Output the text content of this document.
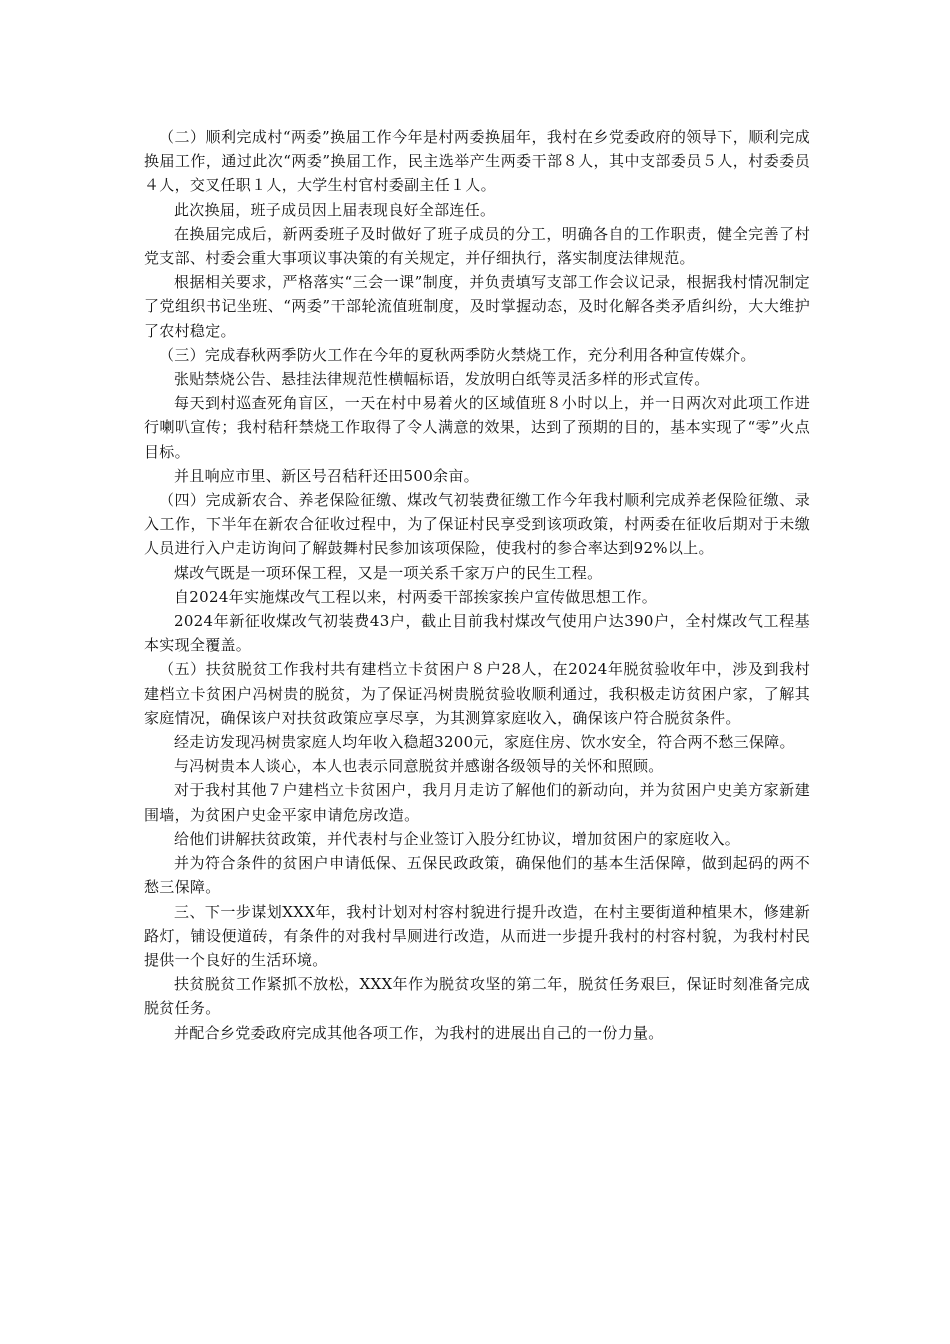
（二）顺利完成村“两委”换届工作今年是村两委换届年，我村在乡党委政府的领导下，顺利完成换届工作，通过此次“两委”换届工作，民主选举产生两委干部８人，其中支部委员５人，村委委员４人，交叉任职１人，大学生村官村委副主任１人。

此次换届，班子成员因上届表现良好全部连任。

在换届完成后，新两委班子及时做好了班子成员的分工，明确各自的工作职责，健全完善了村党支部、村委会重大事项议事决策的有关规定，并仔细执行，落实制度法律规范。

根据相关要求，严格落实“三会一课”制度，并负责填写支部工作会议记录，根据我村情况制定了党组织书记坐班、“两委”干部轮流值班制度，及时掌握动态，及时化解各类矛盾纠纷，大大维护了农村稳定。

（三）完成春秋两季防火工作在今年的夏秋两季防火禁烧工作，充分利用各种宣传媒介。

张贴禁烧公告、悬挂法律规范性横幅标语，发放明白纸等灵活多样的形式宣传。

每天到村巡查死角盲区，一天在村中易着火的区域值班８小时以上，并一日两次对此项工作进行喇叭宣传；我村秸秆禁烧工作取得了令人满意的效果，达到了预期的目的，基本实现了“零”火点目标。

并且响应市里、新区号召秸秆还田500余亩。

（四）完成新农合、养老保险征缴、煤改气初装费征缴工作今年我村顺利完成养老保险征缴、录入工作，下半年在新农合征收过程中，为了保证村民享受到该项政策，村两委在征收后期对于未缴人员进行入户走访询问了解鼓舞村民参加该项保险，使我村的参合率达到92%以上。

煤改气既是一项环保工程，又是一项关系千家万户的民生工程。

自2024年实施煤改气工程以来，村两委干部挨家挨户宣传做思想工作。

2024年新征收煤改气初装费43户，截止目前我村煤改气使用户达390户，全村煤改气工程基本实现全覆盖。

（五）扶贫脱贫工作我村共有建档立卡贫困户８户28人，在2024年脱贫验收年中，涉及到我村建档立卡贫困户冯树贵的脱贫，为了保证冯树贵脱贫验收顺利通过，我积极走访贫困户家，了解其家庭情况，确保该户对扶贫政策应享尽享，为其测算家庭收入，确保该户符合脱贫条件。

经走访发现冯树贵家庭人均年收入稳超3200元，家庭住房、饮水安全，符合两不愁三保障。

与冯树贵本人谈心，本人也表示同意脱贫并感谢各级领导的关怀和照顾。

对于我村其他７户建档立卡贫困户，我月月走访了解他们的新动向，并为贫困户史美方家新建围墙，为贫困户史金平家申请危房改造。

给他们讲解扶贫政策，并代表村与企业签订入股分红协议，增加贫困户的家庭收入。

并为符合条件的贫困户申请低保、五保民政政策，确保他们的基本生活保障，做到起码的两不愁三保障。

三、下一步谋划XXX年，我村计划对村容村貌进行提升改造，在村主要街道种植果木，修建新路灯，铺设便道砖，有条件的对我村旱厕进行改造，从而进一步提升我村的村容村貌，为我村村民提供一个良好的生活环境。

扶贫脱贫工作紧抓不放松，XXX年作为脱贫攻坚的第二年，脱贫任务艰巨，保证时刻准备完成脱贫任务。

并配合乡党委政府完成其他各项工作，为我村的进展出自己的一份力量。
